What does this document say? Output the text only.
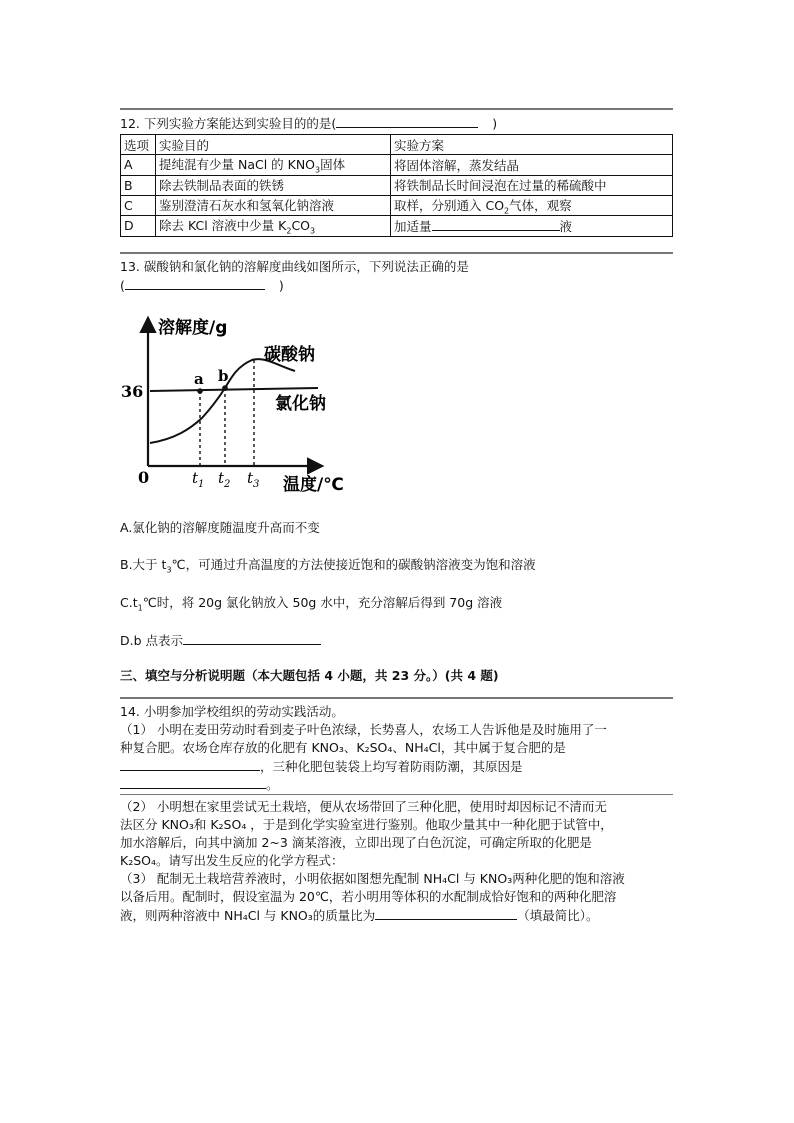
12. 下列实验方案能达到实验目的的是(	)
选项	实验目的	实验方案
A	提纯混有少量 NaCl 的 $KNO_3$固体	将固体溶解，蒸发结晶
B	除去铁制品表面的铁锈	将铁制品长时间浸泡在过量的稀硫酸中
C	鉴别澄清石灰水和氢氧化钠溶液	取样，分别通入 $CO_2$气体，观察
D	除去 KCl 溶液中少量 $K_2CO_3$	加适量 液
13. 碳酸钠和氯化钠的溶解度曲线如图所示，下列说法正确的是
(	)
溶解度/g
温度/℃
0
36
a b
碳酸钠
氯化钠
$t_1$ $t_2$ $t_3$
A.氯化钠的溶解度随温度升高而不变
B.大于 $t_3℃$，可通过升高温度的方法使接近饱和的碳酸钠溶液变为饱和溶液
$C.t_1℃$时，将 20g 氯化钠放入 50g 水中，充分溶解后得到 70g 溶液
D.b 点表示
三、填空与分析说明题（本大题包括 4 小题，共 23 分。）(共 4 题)
14. 小明参加学校组织的劳动实践活动。
（1） 小明在麦田劳动时看到麦子叶色浓绿，长势喜人，农场工人告诉他是及时施用了一
种复合肥。农场仓库存放的化肥有 KNO₃、K₂SO₄、NH₄Cl，其中属于复合肥的是
，三种化肥包装袋上均写着防雨防潮，其原因是
。
（2） 小明想在家里尝试无土栽培，便从农场带回了三种化肥，使用时却因标记不清而无
法区分 KNO₃和 K₂SO₄ ，于是到化学实验室进行鉴别。他取少量其中一种化肥于试管中，
加水溶解后，向其中滴加 2~3 滴某溶液，立即出现了白色沉淀，可确定所取的化肥是
K₂SO₄。请写出发生反应的化学方程式：
（3） 配制无土栽培营养液时，小明依据如图想先配制 NH₄Cl 与 KNO₃两种化肥的饱和溶液
以备后用。配制时，假设室温为 20℃，若小明用等体积的水配制成恰好饱和的两种化肥溶
液，则两种溶液中 NH₄Cl 与 KNO₃的质量比为	（填最简比）。
